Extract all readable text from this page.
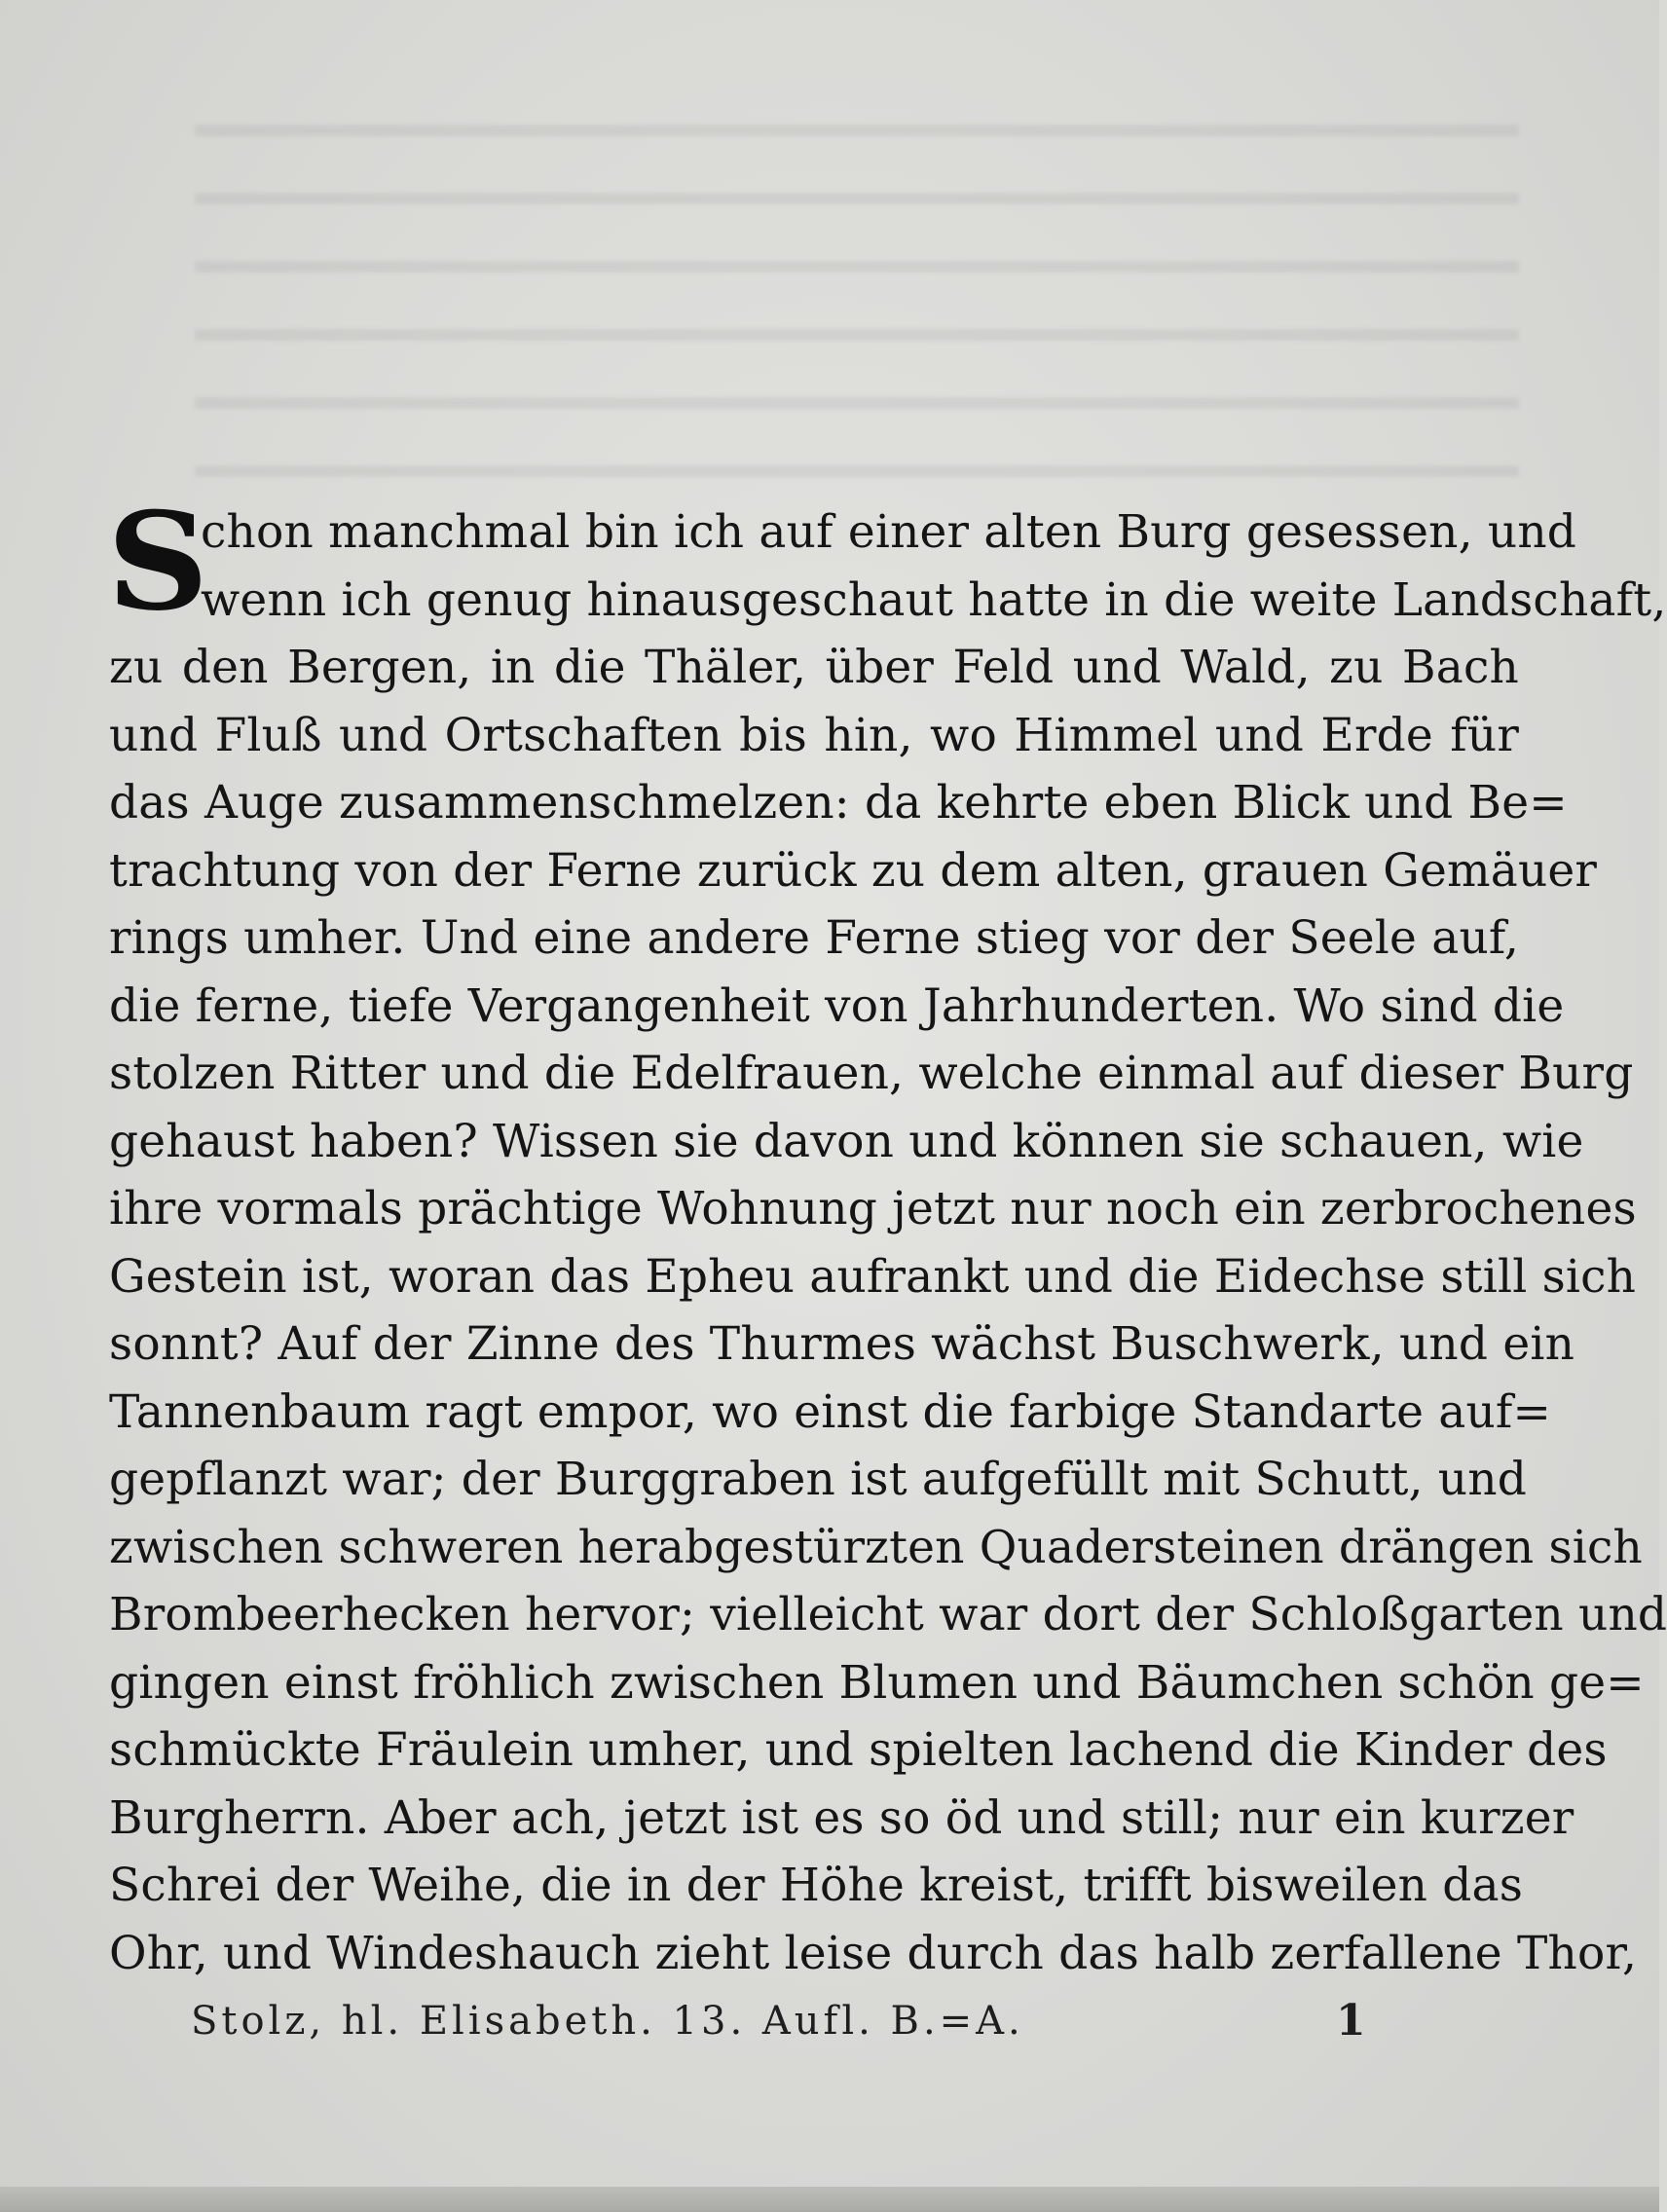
S
chon manchmal bin ich auf einer alten Burg gesessen, und
wenn ich genug hinausgeschaut hatte in die weite Landschaft,
zu den Bergen, in die Thäler, über Feld und Wald, zu Bach
und Fluß und Ortschaften bis hin, wo Himmel und Erde für
das Auge zusammenschmelzen: da kehrte eben Blick und Be=
trachtung von der Ferne zurück zu dem alten, grauen Gemäuer
rings umher. Und eine andere Ferne stieg vor der Seele auf,
die ferne, tiefe Vergangenheit von Jahrhunderten. Wo sind die
stolzen Ritter und die Edelfrauen, welche einmal auf dieser Burg
gehaust haben? Wissen sie davon und können sie schauen, wie
ihre vormals prächtige Wohnung jetzt nur noch ein zerbrochenes
Gestein ist, woran das Epheu aufrankt und die Eidechse still sich
sonnt? Auf der Zinne des Thurmes wächst Buschwerk, und ein
Tannenbaum ragt empor, wo einst die farbige Standarte auf=
gepflanzt war; der Burggraben ist aufgefüllt mit Schutt, und
zwischen schweren herabgestürzten Quadersteinen drängen sich
Brombeerhecken hervor; vielleicht war dort der Schloßgarten und
gingen einst fröhlich zwischen Blumen und Bäumchen schön ge=
schmückte Fräulein umher, und spielten lachend die Kinder des
Burgherrn. Aber ach, jetzt ist es so öd und still; nur ein kurzer
Schrei der Weihe, die in der Höhe kreist, trifft bisweilen das
Ohr, und Windeshauch zieht leise durch das halb zerfallene Thor,
Stolz, hl. Elisabeth. 13. Aufl. B.=A.	1
